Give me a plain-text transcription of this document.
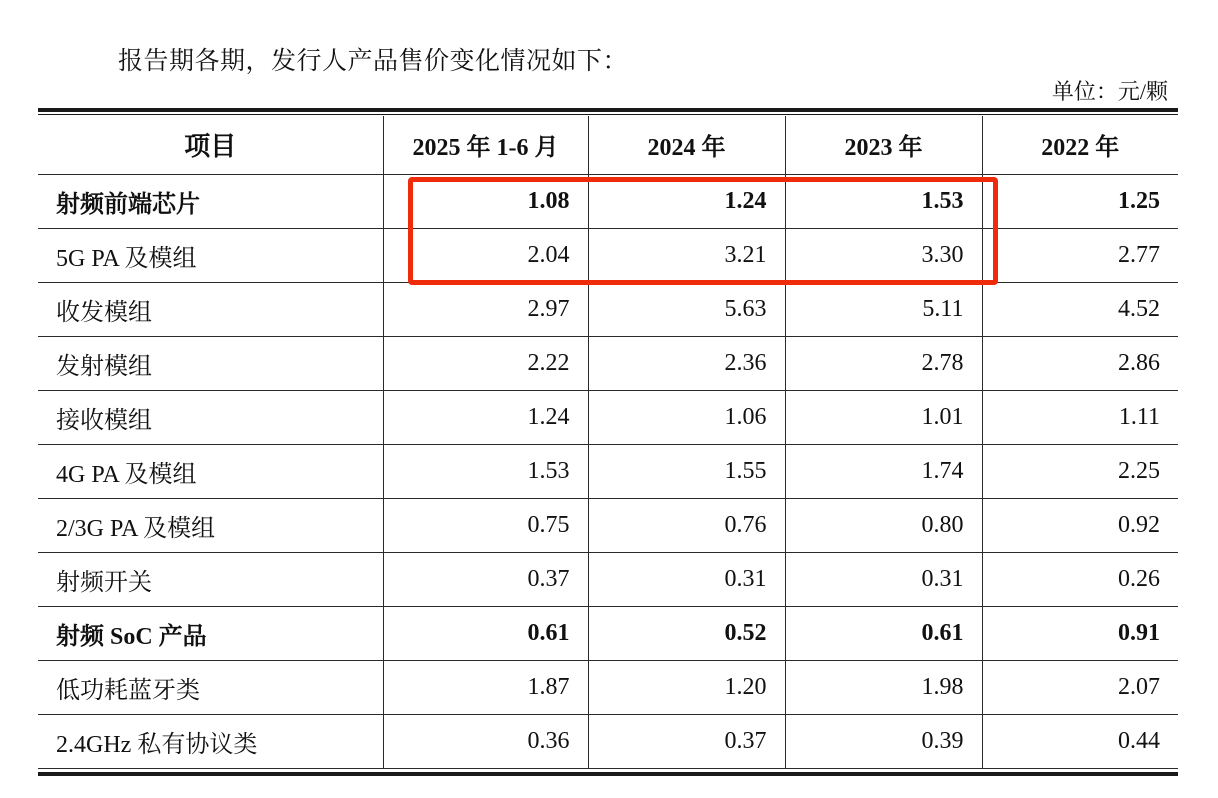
报告期各期，发行人产品售价变化情况如下：

单位：元/颗
项目	2025 年 1-6 月	2024 年	2023 年	2022 年
射频前端芯片	1.08	1.24	1.53	1.25
5G PA 及模组	2.04	3.21	3.30	2.77
收发模组	2.97	5.63	5.11	4.52
发射模组	2.22	2.36	2.78	2.86
接收模组	1.24	1.06	1.01	1.11
4G PA 及模组	1.53	1.55	1.74	2.25
2/3G PA 及模组	0.75	0.76	0.80	0.92
射频开关	0.37	0.31	0.31	0.26
射频 SoC 产品	0.61	0.52	0.61	0.91
低功耗蓝牙类	1.87	1.20	1.98	2.07
2.4GHz 私有协议类	0.36	0.37	0.39	0.44
